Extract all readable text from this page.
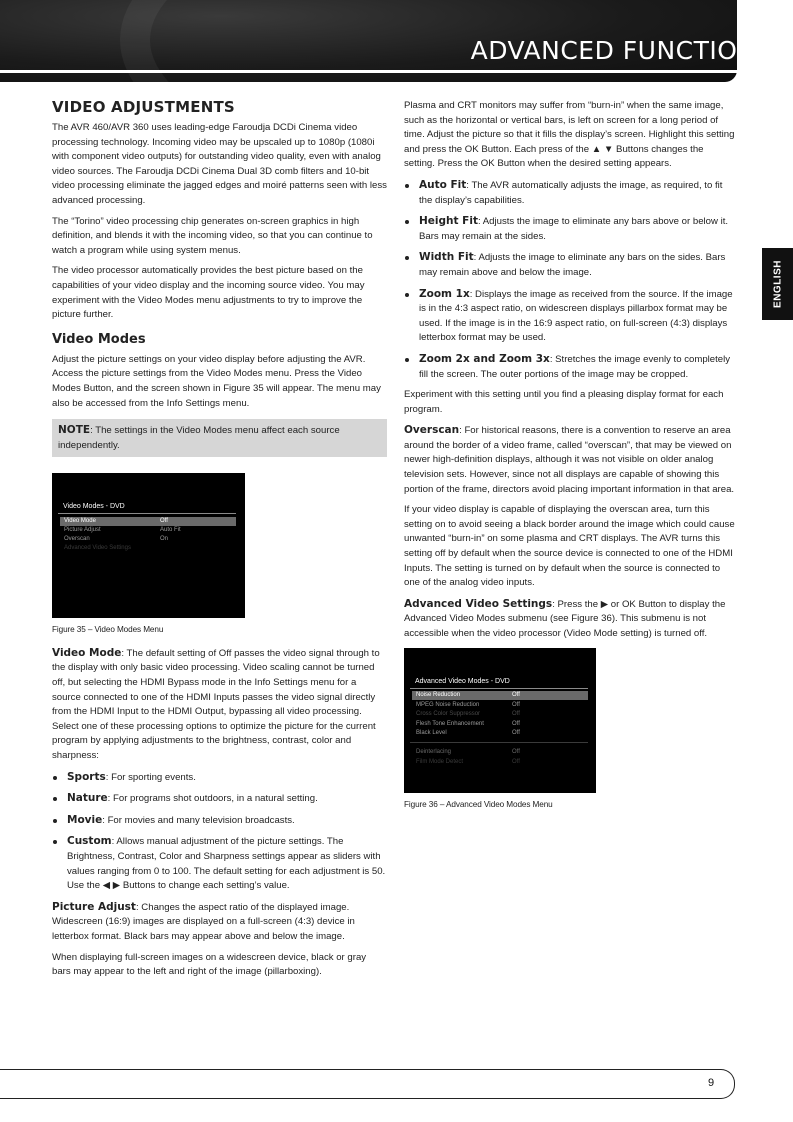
ADVANCED FUNCTIONS
ENGLISH
VIDEO ADJUSTMENTS

The AVR 460/AVR 360 uses leading-edge Faroudja DCDi Cinema video processing technology. Incoming video may be upscaled up to 1080p (1080i with component video outputs) for outstanding video quality, even with analog video sources. The Faroudja DCDi Cinema Dual 3D comb filters and 10-bit video processing eliminate the jagged edges and moiré patterns seen with less advanced processing.

The “Torino” video processing chip generates on-screen graphics in high definition, and blends it with the incoming video, so that you can continue to watch a program while using system menus.

The video processor automatically provides the best picture based on the capabilities of your video display and the incoming source video. You may experiment with the Video Modes menu adjustments to try to improve the picture further.

Video Modes

Adjust the picture settings on your video display before adjusting the AVR. Access the picture settings from the Video Modes menu. Press the Video Modes Button, and the screen shown in Figure 35 will appear. The menu may also be accessed from the Info Settings menu.

NOTE: The settings in the Video Modes menu affect each source independently.
Video Modes - DVD
Video Mode	Off
Picture Adjust	Auto Fit
Overscan	On
Advanced Video Settings
Figure 35 – Video Modes Menu

Video Mode: The default setting of Off passes the video signal through to the display with only basic video processing. Video scaling cannot be turned off, but selecting the HDMI Bypass mode in the Info Settings menu for a source connected to one of the HDMI Inputs passes the video signal directly from the HDMI Input to the HDMI Output, bypassing all video processing. Select one of these processing options to optimize the picture for the current program by applying adjustments to the brightness, contrast, color and sharpness:

Sports: For sporting events.
Nature: For programs shot outdoors, in a natural setting.
Movie: For movies and many television broadcasts.
Custom: Allows manual adjustment of the picture settings. The Brightness, Contrast, Color and Sharpness settings appear as sliders with values ranging from 0 to 100. The default setting for each adjustment is 50. Use the ◀ ▶ Buttons to change each setting’s value.

Picture Adjust: Changes the aspect ratio of the displayed image. Widescreen (16:9) images are displayed on a full-screen (4:3) device in letterbox format. Black bars may appear above and below the image.

When displaying full-screen images on a widescreen device, black or gray bars may appear to the left and right of the image (pillarboxing).

Plasma and CRT monitors may suffer from “burn-in” when the same image, such as the horizontal or vertical bars, is left on screen for a long period of time. Adjust the picture so that it fills the display’s screen. Highlight this setting and press the OK Button. Each press of the ▲ ▼ Buttons changes the setting. Press the OK Button when the desired setting appears.

Auto Fit: The AVR automatically adjusts the image, as required, to fit the display’s capabilities.
Height Fit: Adjusts the image to eliminate any bars above or below it. Bars may remain at the sides.
Width Fit: Adjusts the image to eliminate any bars on the sides. Bars may remain above and below the image.
Zoom 1x: Displays the image as received from the source. If the image is in the 4:3 aspect ratio, on widescreen displays pillarbox format may be used. If the image is in the 16:9 aspect ratio, on full-screen (4:3) displays letterbox format may be used.
Zoom 2x and Zoom 3x: Stretches the image evenly to completely fill the screen. The outer portions of the image may be cropped.

Experiment with this setting until you find a pleasing display format for each program.

Overscan: For historical reasons, there is a convention to reserve an area around the border of a video frame, called “overscan”, that may be viewed on newer high-definition displays, although it was not visible on older analog television sets. However, since not all displays are capable of showing this portion of the frame, directors avoid placing important information in that area.

If your video display is capable of displaying the overscan area, turn this setting on to avoid seeing a black border around the image which could cause unwanted “burn-in” on some plasma and CRT displays. The AVR turns this setting off by default when the source device is connected to one of the HDMI Inputs. The setting is turned on by default when the source is connected to one of the analog video inputs.

Advanced Video Settings: Press the ▶ or OK Button to display the Advanced Video Modes submenu (see Figure 36). This submenu is not accessible when the video processor (Video Mode setting) is turned off.

Advanced Video Modes - DVD
Noise Reduction	Off
MPEG Noise Reduction	Off
Cross Color Suppressor	Off
Flesh Tone Enhancement	Off
Black Level	Off
Deinterlacing	Off
Film Mode Detect	Off
Figure 36 – Advanced Video Modes Menu
9
